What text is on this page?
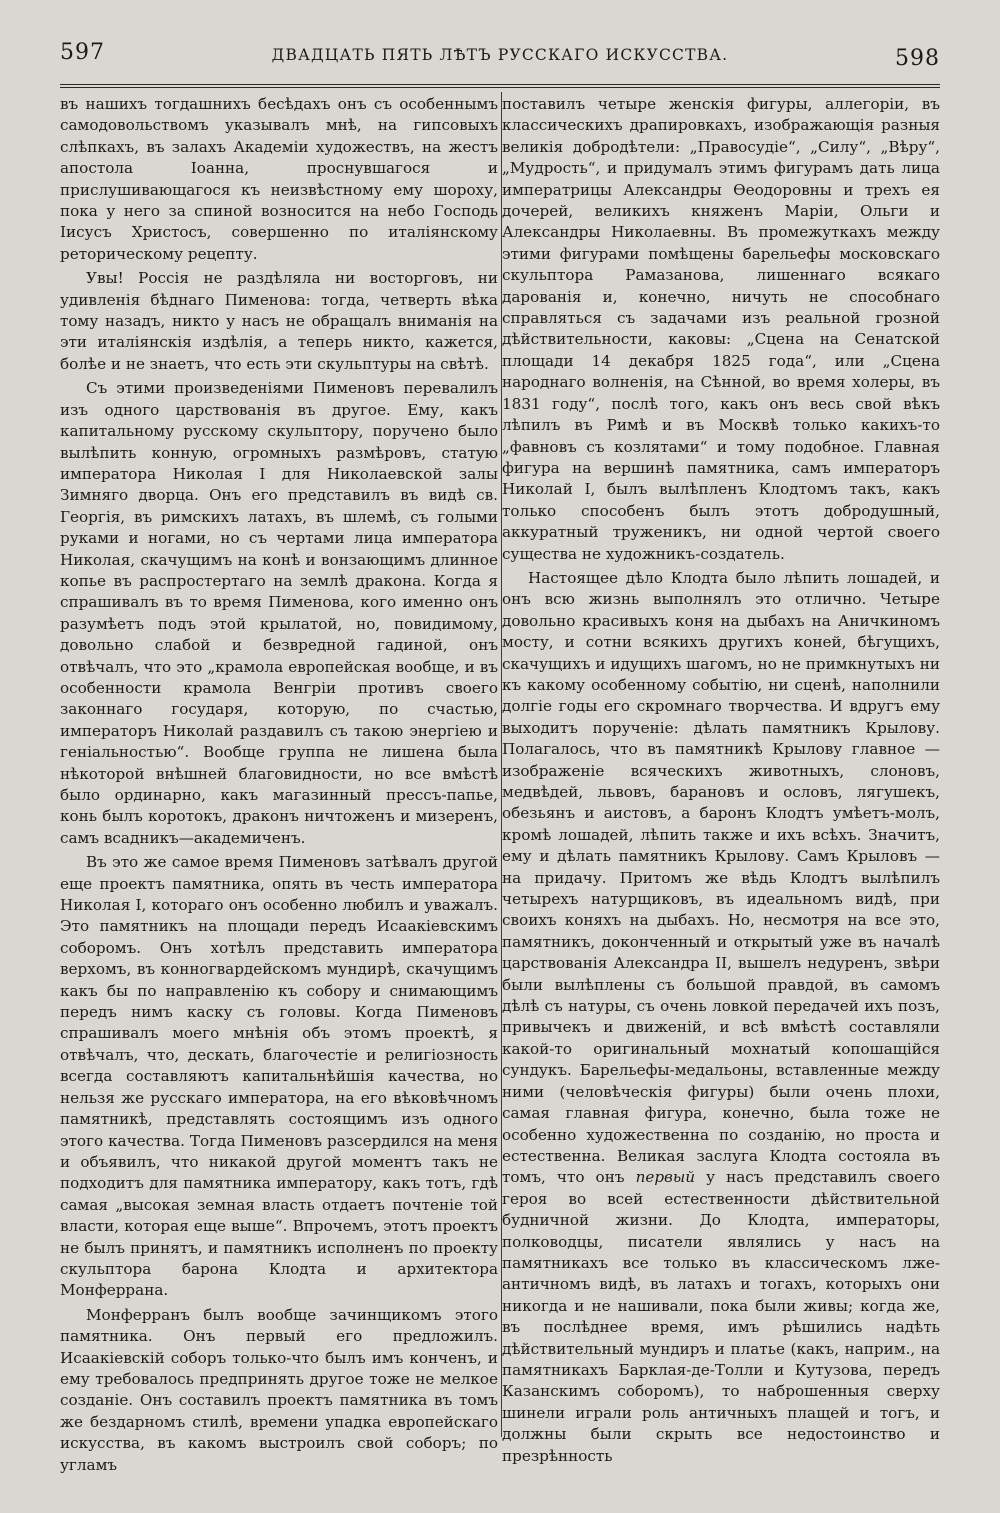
597	ДВАДЦАТЬ ПЯТЬ ЛѢТЪ РУССКАГО ИСКУССТВА.	598

въ нашихъ тогдашнихъ бесѣдахъ онъ съ особеннымъ самодовольствомъ указывалъ мнѣ, на гипсовыхъ слѣпкахъ, въ залахъ Академіи художествъ, на жестъ апостола Іоанна, проснувшагося и прислушивающагося къ неизвѣстному ему шороху, пока у него за спиной возносится на небо Господь Іисусъ Христосъ, совершенно по италіянскому реторическому рецепту.

Увы! Россія не раздѣляла ни восторговъ, ни удивленія бѣднаго Пименова: тогда, четверть вѣка тому назадъ, никто у насъ не обращалъ вниманія на эти италіянскія издѣлія, а теперь никто, кажется, болѣе и не знаетъ, что есть эти скульптуры на свѣтѣ.

Съ этими произведеніями Пименовъ перевалилъ изъ одного царствованія въ другое. Ему, какъ капитальному русскому скульптору, поручено было вылѣпить конную, огромныхъ размѣровъ, статую императора Николая I для Николаевской залы Зимняго дворца. Онъ его представилъ въ видѣ св. Георгія, въ римскихъ латахъ, въ шлемѣ, съ голыми руками и ногами, но съ чертами лица императора Николая, скачущимъ на конѣ и вонзающимъ длинное копье въ распростертаго на землѣ дракона. Когда я спрашивалъ въ то время Пименова, кого именно онъ разумѣетъ подъ этой крылатой, но, повидимому, довольно слабой и безвредной гадиной, онъ отвѣчалъ, что это „крамола европейская вообще, и въ особенности крамола Венгріи противъ своего законнаго государя, которую, по счастью, императоръ Николай раздавилъ съ такою энергіею и геніальностью“. Вообще группа не лишена была нѣкоторой внѣшней благовидности, но все вмѣстѣ было ординарно, какъ магазинный прессъ-папье, конь былъ коротокъ, драконъ ничтоженъ и мизеренъ, самъ всадникъ—академиченъ.

Въ это же самое время Пименовъ затѣвалъ другой еще проектъ памятника, опять въ честь императора Николая I, котораго онъ особенно любилъ и уважалъ. Это памятникъ на площади передъ Исаакіевскимъ соборомъ. Онъ хотѣлъ представить императора верхомъ, въ конногвардейскомъ мундирѣ, скачущимъ какъ бы по направленію къ собору и снимающимъ передъ нимъ каску съ головы. Когда Пименовъ спрашивалъ моего мнѣнія объ этомъ проектѣ, я отвѣчалъ, что, дескать, благочестіе и религіозность всегда составляютъ капитальнѣйшія качества, но нельзя же русскаго императора, на его вѣковѣчномъ памятникѣ, представлять состоящимъ изъ одного этого качества. Тогда Пименовъ разсердился на меня и объявилъ, что никакой другой моментъ такъ не подходитъ для памятника императору, какъ тотъ, гдѣ самая „высокая земная власть отдаетъ почтеніе той власти, которая еще выше“. Впрочемъ, этотъ проектъ не былъ принятъ, и памятникъ исполненъ по проекту скульптора барона Клодта и архитектора Монферрана.

Монферранъ былъ вообще зачинщикомъ этого памятника. Онъ первый его предложилъ. Исаакіевскій соборъ только-что былъ имъ конченъ, и ему требовалось предпринять другое тоже не мелкое созданіе. Онъ составилъ проектъ памятника въ томъ же бездарномъ стилѣ, времени упадка европейскаго искусства, въ какомъ выстроилъ свой соборъ; по угламъ

поставилъ четыре женскія фигуры, аллегоріи, въ классическихъ драпировкахъ, изображающія разныя великія добродѣтели: „Правосудіе“, „Силу“, „Вѣру“, „Мудрость“, и придумалъ этимъ фигурамъ дать лица императрицы Александры Ѳеодоровны и трехъ ея дочерей, великихъ княженъ Маріи, Ольги и Александры Николаевны. Въ промежуткахъ между этими фигурами помѣщены барельефы московскаго скульптора Рамазанова, лишеннаго всякаго дарованія и, конечно, ничуть не способнаго справляться съ задачами изъ реальной грозной дѣйствительности, каковы: „Сцена на Сенатской площади 14 декабря 1825 года“, или „Сцена народнаго волненія, на Сѣнной, во время холеры, въ 1831 году“, послѣ того, какъ онъ весь свой вѣкъ лѣпилъ въ Римѣ и въ Москвѣ только какихъ-то „фавновъ съ козлятами“ и тому подобное. Главная фигура на вершинѣ памятника, самъ императоръ Николай I, былъ вылѣпленъ Клодтомъ такъ, какъ только способенъ былъ этотъ добродушный, аккуратный труженикъ, ни одной чертой своего существа не художникъ-создатель.

Настоящее дѣло Клодта было лѣпить лошадей, и онъ всю жизнь выполнялъ это отлично. Четыре довольно красивыхъ коня на дыбахъ на Аничкиномъ мосту, и сотни всякихъ другихъ коней, бѣгущихъ, скачущихъ и идущихъ шагомъ, но не примкнутыхъ ни къ какому особенному событію, ни сценѣ, наполнили долгіе годы его скромнаго творчества. И вдругъ ему выходитъ порученіе: дѣлать памятникъ Крылову. Полагалось, что въ памятникѣ Крылову главное — изображеніе всяческихъ животныхъ, слоновъ, медвѣдей, львовъ, барановъ и ословъ, лягушекъ, обезьянъ и аистовъ, а баронъ Клодтъ умѣетъ-молъ, кромѣ лошадей, лѣпить также и ихъ всѣхъ. Значитъ, ему и дѣлать памятникъ Крылову. Самъ Крыловъ — на придачу. Притомъ же вѣдь Клодтъ вылѣпилъ четырехъ натурщиковъ, въ идеальномъ видѣ, при своихъ коняхъ на дыбахъ. Но, несмотря на все это, памятникъ, доконченный и открытый уже въ началѣ царствованія Александра II, вышелъ недуренъ, звѣри были вылѣплены съ большой правдой, въ самомъ дѣлѣ съ натуры, съ очень ловкой передачей ихъ позъ, привычекъ и движеній, и всѣ вмѣстѣ составляли какой-то оригинальный мохнатый копошащійся сундукъ. Барельефы-медальоны, вставленные между ними (человѣческія фигуры) были очень плохи, самая главная фигура, конечно, была тоже не особенно художественна по созданію, но проста и естественна. Великая заслуга Клодта состояла въ томъ, что онъ первый у насъ представилъ своего героя во всей естественности дѣйствительной будничной жизни. До Клодта, императоры, полководцы, писатели являлись у насъ на памятникахъ все только въ классическомъ лже-античномъ видѣ, въ латахъ и тогахъ, которыхъ они никогда и не нашивали, пока были живы; когда же, въ послѣднее время, имъ рѣшились надѣть дѣйствительный мундиръ и платье (какъ, наприм., на памятникахъ Барклая-де-Толли и Кутузова, передъ Казанскимъ соборомъ), то наброшенныя сверху шинели играли роль античныхъ плащей и тогъ, и должны были скрыть все недостоинство и презрѣнность
